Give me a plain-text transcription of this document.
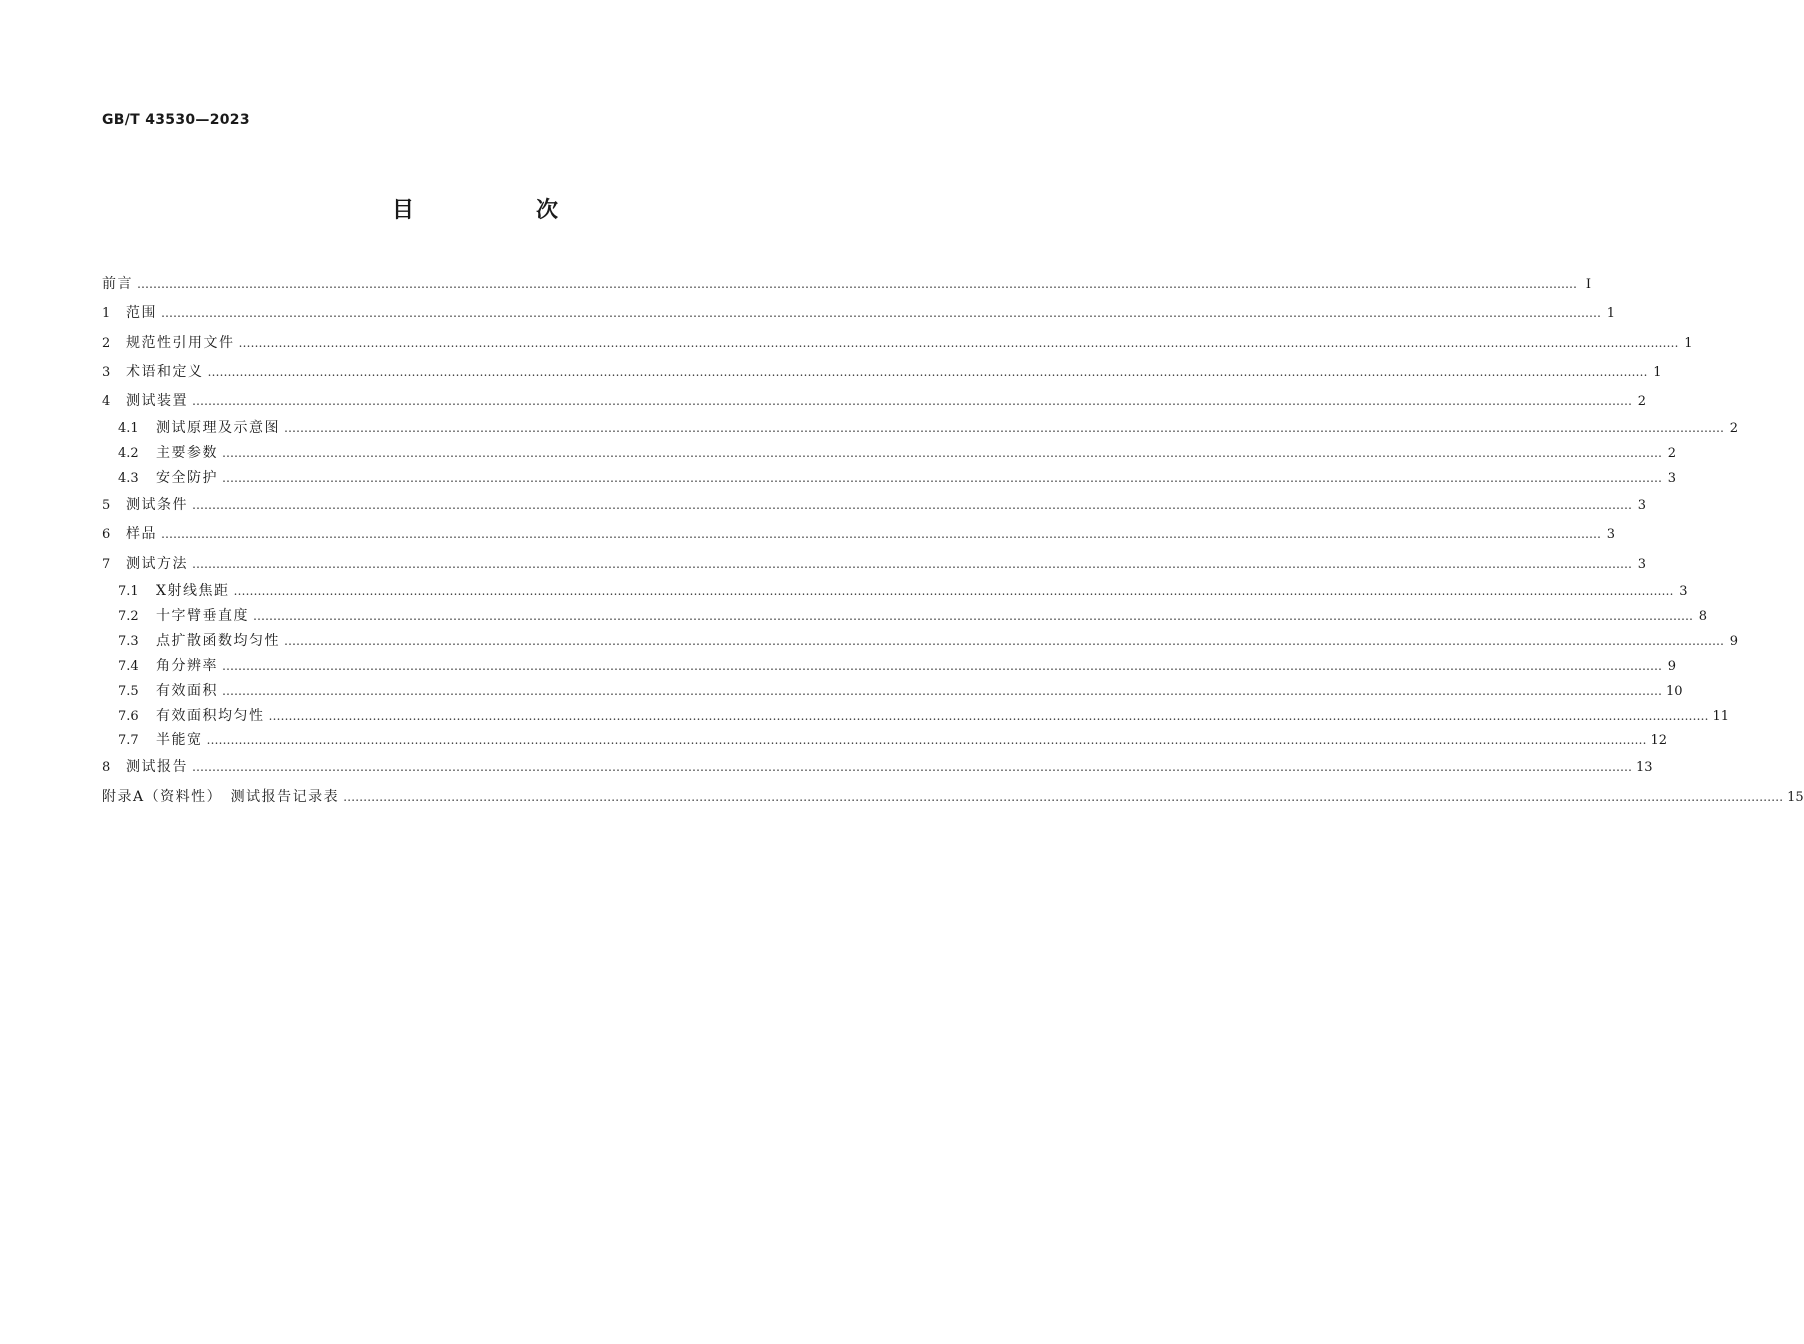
GB/T 43530—2023
目　次
前言 ……………………………………………………………………………………………………………………………………………………………………………………………………………………………………………………………………………………………………………………………… Ⅰ
1	范围 ……………………………………………………………………………………………………………………………………………………………………………………………………………………………………………………………………………………………………………………………… 1
2	规范性引用文件 ……………………………………………………………………………………………………………………………………………………………………………………………………………………………………………………………………………………………………………………………… 1
3	术语和定义 ……………………………………………………………………………………………………………………………………………………………………………………………………………………………………………………………………………………………………………………………… 1
4	测试装置 ……………………………………………………………………………………………………………………………………………………………………………………………………………………………………………………………………………………………………………………………… 2
4.1	测试原理及示意图 ……………………………………………………………………………………………………………………………………………………………………………………………………………………………………………………………………………………………………………………………… 2
4.2	主要参数 ……………………………………………………………………………………………………………………………………………………………………………………………………………………………………………………………………………………………………………………………… 2
4.3	安全防护 ……………………………………………………………………………………………………………………………………………………………………………………………………………………………………………………………………………………………………………………………… 3
5	测试条件 ……………………………………………………………………………………………………………………………………………………………………………………………………………………………………………………………………………………………………………………………… 3
6	样品 ……………………………………………………………………………………………………………………………………………………………………………………………………………………………………………………………………………………………………………………………… 3
7	测试方法 ……………………………………………………………………………………………………………………………………………………………………………………………………………………………………………………………………………………………………………………………… 3
7.1	X射线焦距 ……………………………………………………………………………………………………………………………………………………………………………………………………………………………………………………………………………………………………………………………… 3
7.2	十字臂垂直度 ……………………………………………………………………………………………………………………………………………………………………………………………………………………………………………………………………………………………………………………………… 8
7.3	点扩散函数均匀性 ……………………………………………………………………………………………………………………………………………………………………………………………………………………………………………………………………………………………………………………………… 9
7.4	角分辨率 ……………………………………………………………………………………………………………………………………………………………………………………………………………………………………………………………………………………………………………………………… 9
7.5	有效面积 ……………………………………………………………………………………………………………………………………………………………………………………………………………………………………………………………………………………………………………………………… 10
7.6	有效面积均匀性 ……………………………………………………………………………………………………………………………………………………………………………………………………………………………………………………………………………………………………………………………… 11
7.7	半能宽 ……………………………………………………………………………………………………………………………………………………………………………………………………………………………………………………………………………………………………………………………… 12
8	测试报告 ……………………………………………………………………………………………………………………………………………………………………………………………………………………………………………………………………………………………………………………………… 13
附录A（资料性）　测试报告记录表 ……………………………………………………………………………………………………………………………………………………………………………………………………………………………………………………………………………………………………………………………… 15
